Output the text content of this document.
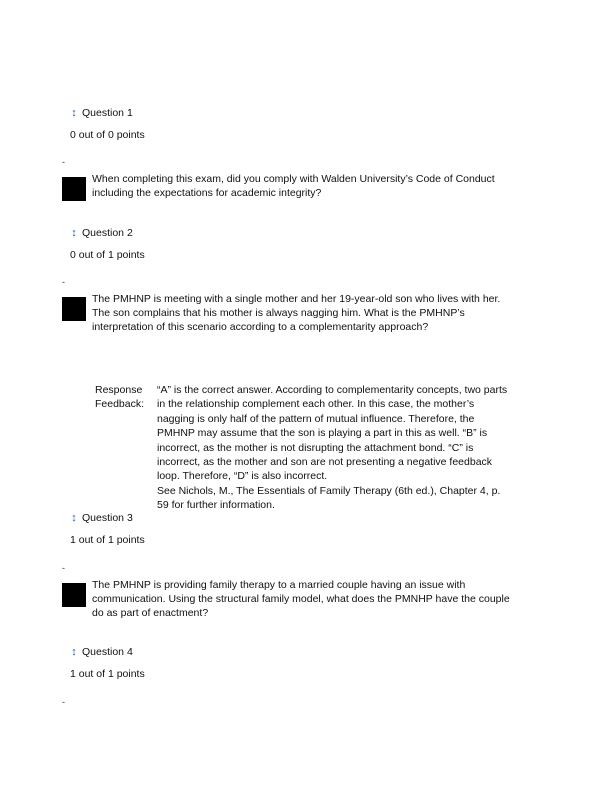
↕ Question 1
0 out of 0 points
-
When completing this exam, did you comply with Walden University’s Code of Conduct including the expectations for academic integrity?
↕ Question 2
0 out of 1 points
-
The PMHNP is meeting with a single mother and her 19-year-old son who lives with her. The son complains that his mother is always nagging him. What is the PMHNP’s interpretation of this scenario according to a complementarity approach?
Response Feedback:

“A” is the correct answer. According to complementarity concepts, two parts in the relationship complement each other. In this case, the mother’s nagging is only half of the pattern of mutual influence. Therefore, the PMHNP may assume that the son is playing a part in this as well. “B” is incorrect, as the mother is not disrupting the attachment bond. “C” is incorrect, as the mother and son are not presenting a negative feedback loop. Therefore, “D” is also incorrect.

See Nichols, M., The Essentials of Family Therapy (6th ed.), Chapter 4, p. 59 for further information.

↕ Question 3
1 out of 1 points
-
The PMHNP is providing family therapy to a married couple having an issue with communication. Using the structural family model, what does the PMNHP have the couple do as part of enactment?
↕ Question 4
1 out of 1 points
-
